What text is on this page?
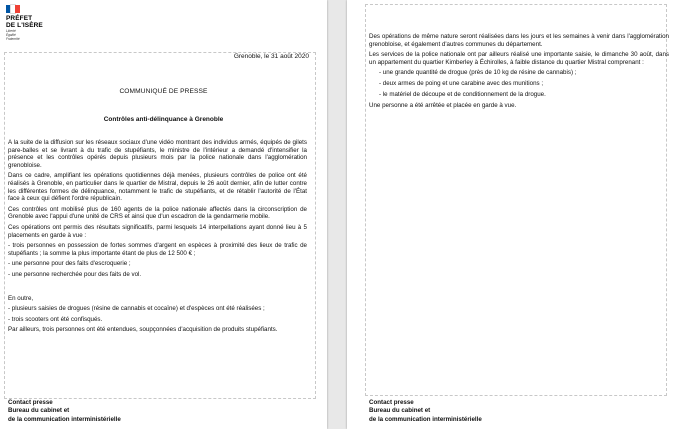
PRÉFET
DE L'ISÈRE
Liberté
Égalité
Fraternité
Grenoble, le 31 août 2020
COMMUNIQUÉ DE PRESSE
Contrôles anti-délinquance à Grenoble

A la suite de la diffusion sur les réseaux sociaux d'une vidéo montrant des individus armés, équipés de gilets pare-balles et se livrant à du trafic de stupéfiants, le ministre de l'intérieur a demandé d'intensifier la présence et les contrôles opérés depuis plusieurs mois par la police nationale dans l'agglomération grenobloise.

Dans ce cadre, amplifiant les opérations quotidiennes déjà menées, plusieurs contrôles de police ont été réalisés à Grenoble, en particulier dans le quartier de Mistral, depuis le 26 août dernier, afin de lutter contre les différentes formes de délinquance, notamment le trafic de stupéfiants, et de rétablir l'autorité de l'État face à ceux qui défient l'ordre républicain.

Ces contrôles ont mobilisé plus de 160 agents de la police nationale affectés dans la circonscription de Grenoble avec l'appui d'une unité de CRS et ainsi que d'un escadron de la gendarmerie mobile.

Ces opérations ont permis des résultats significatifs, parmi lesquels 14 interpellations ayant donné lieu à 5 placements en garde à vue :

- trois personnes en possession de fortes sommes d'argent en espèces à proximité des lieux de trafic de stupéfiants ; la somme la plus importante étant de plus de 12 500 € ;

- une personne pour des faits d'escroquerie ;

- une personne recherchée pour des faits de vol.

En outre,

- plusieurs saisies de drogues (résine de cannabis et cocaïne) et d'espèces ont été réalisées ;

- trois scooters ont été confisqués.

Par ailleurs, trois personnes ont été entendues, soupçonnées d'acquisition de produits stupéfiants.

Des opérations de même nature seront réalisées dans les jours et les semaines à venir dans l'agglomération grenobloise, et également d'autres communes du département.

Les services de la police nationale ont par ailleurs réalisé une importante saisie, le dimanche 30 août, dans un appartement du quartier Kimberley à Échirolles, à faible distance du quartier Mistral comprenant :

- une grande quantité de drogue (près de 10 kg de résine de cannabis) ;
- deux armes de poing et une carabine avec des munitions ;
- le matériel de découpe et de conditionnement de la drogue.

Une personne a été arrêtée et placée en garde à vue.

Contact presse
Bureau du cabinet et
de la communication interministérielle
Contact presse
Bureau du cabinet et
de la communication interministérielle
